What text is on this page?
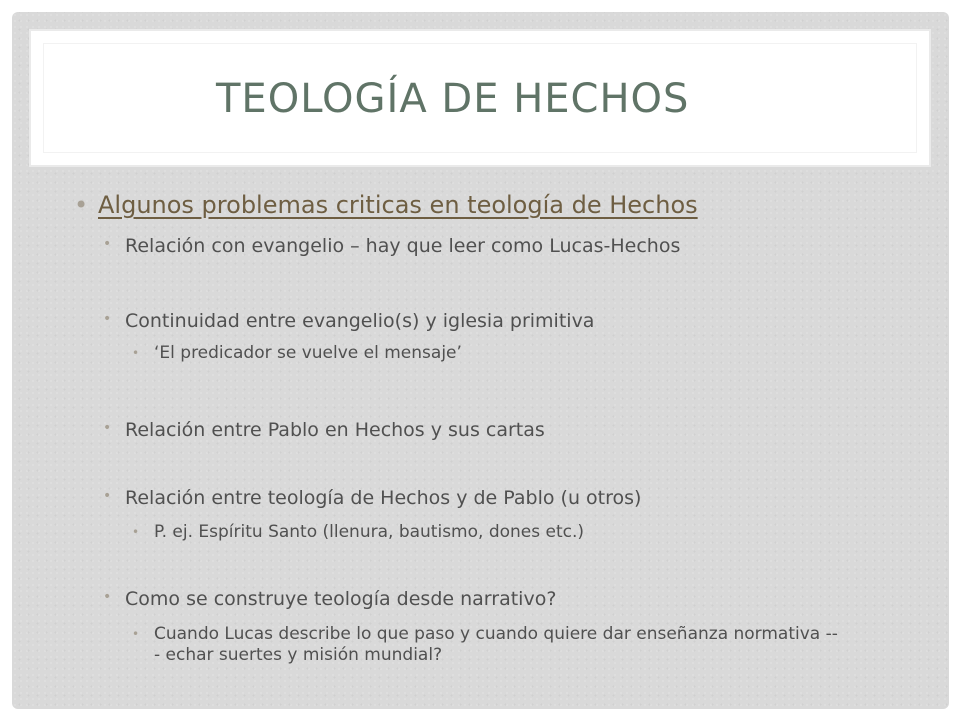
TEOLOGÍA DE HECHOS
• Algunos problemas criticas en teología de Hechos
• Relación con evangelio – hay que leer como Lucas-Hechos
• Continuidad entre evangelio(s) y iglesia primitiva
• ‘El predicador se vuelve el mensaje’
• Relación entre Pablo en Hechos y sus cartas
• Relación entre teología de Hechos y de Pablo (u otros)
• P. ej. Espíritu Santo (llenura, bautismo, dones etc.)
• Como se construye teología desde narrativo?
• Cuando Lucas describe lo que paso y cuando quiere dar enseñanza normativa --- echar suertes y misión mundial?
